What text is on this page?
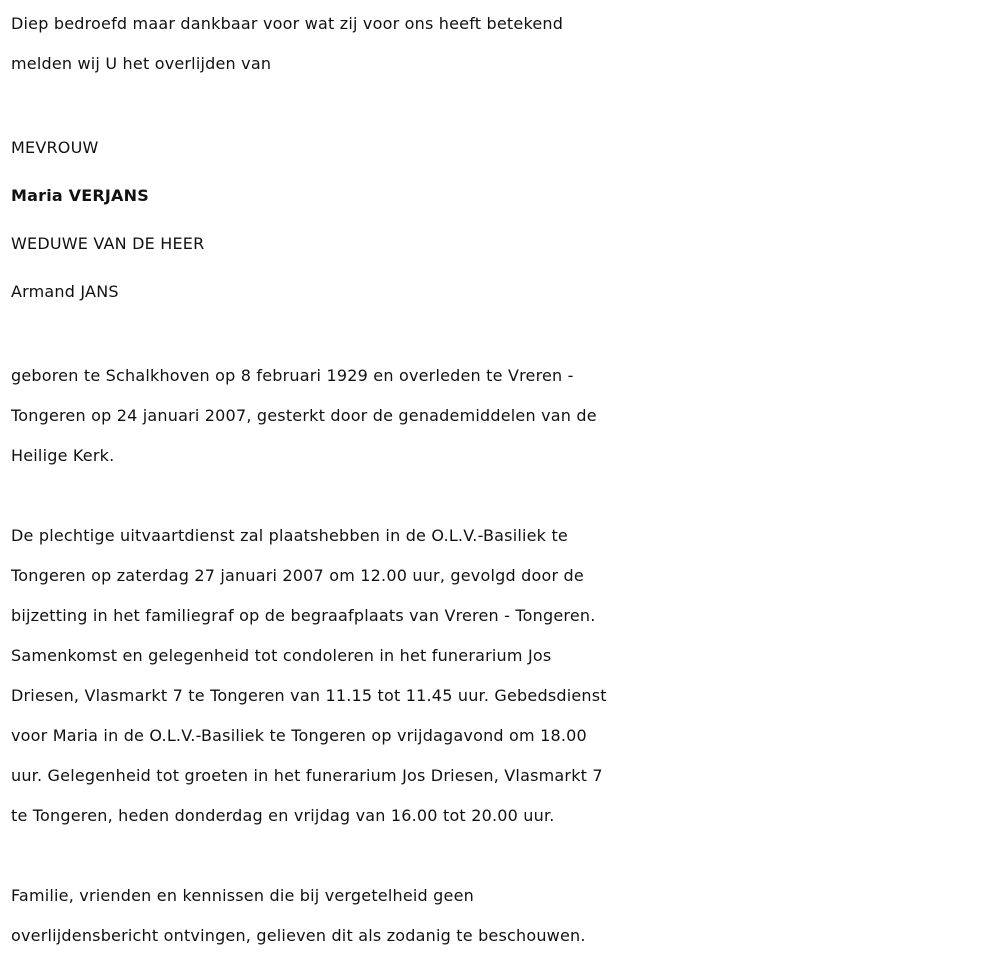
Diep bedroefd maar dankbaar voor wat zij voor ons heeft betekend

melden wij U het overlijden van

MEVROUW

Maria VERJANS

WEDUWE VAN DE HEER

Armand JANS

geboren te Schalkhoven op 8 februari 1929 en overleden te Vreren -

Tongeren op 24 januari 2007, gesterkt door de genademiddelen van de

Heilige Kerk.

De plechtige uitvaartdienst zal plaatshebben in de O.L.V.-Basiliek te

Tongeren op zaterdag 27 januari 2007 om 12.00 uur, gevolgd door de

bijzetting in het familiegraf op de begraafplaats van Vreren - Tongeren.

Samenkomst en gelegenheid tot condoleren in het funerarium Jos

Driesen, Vlasmarkt 7 te Tongeren van 11.15 tot 11.45 uur. Gebedsdienst

voor Maria in de O.L.V.-Basiliek te Tongeren op vrijdagavond om 18.00

uur. Gelegenheid tot groeten in het funerarium Jos Driesen, Vlasmarkt 7

te Tongeren, heden donderdag en vrijdag van 16.00 tot 20.00 uur.

Familie, vrienden en kennissen die bij vergetelheid geen

overlijdensbericht ontvingen, gelieven dit als zodanig te beschouwen.
